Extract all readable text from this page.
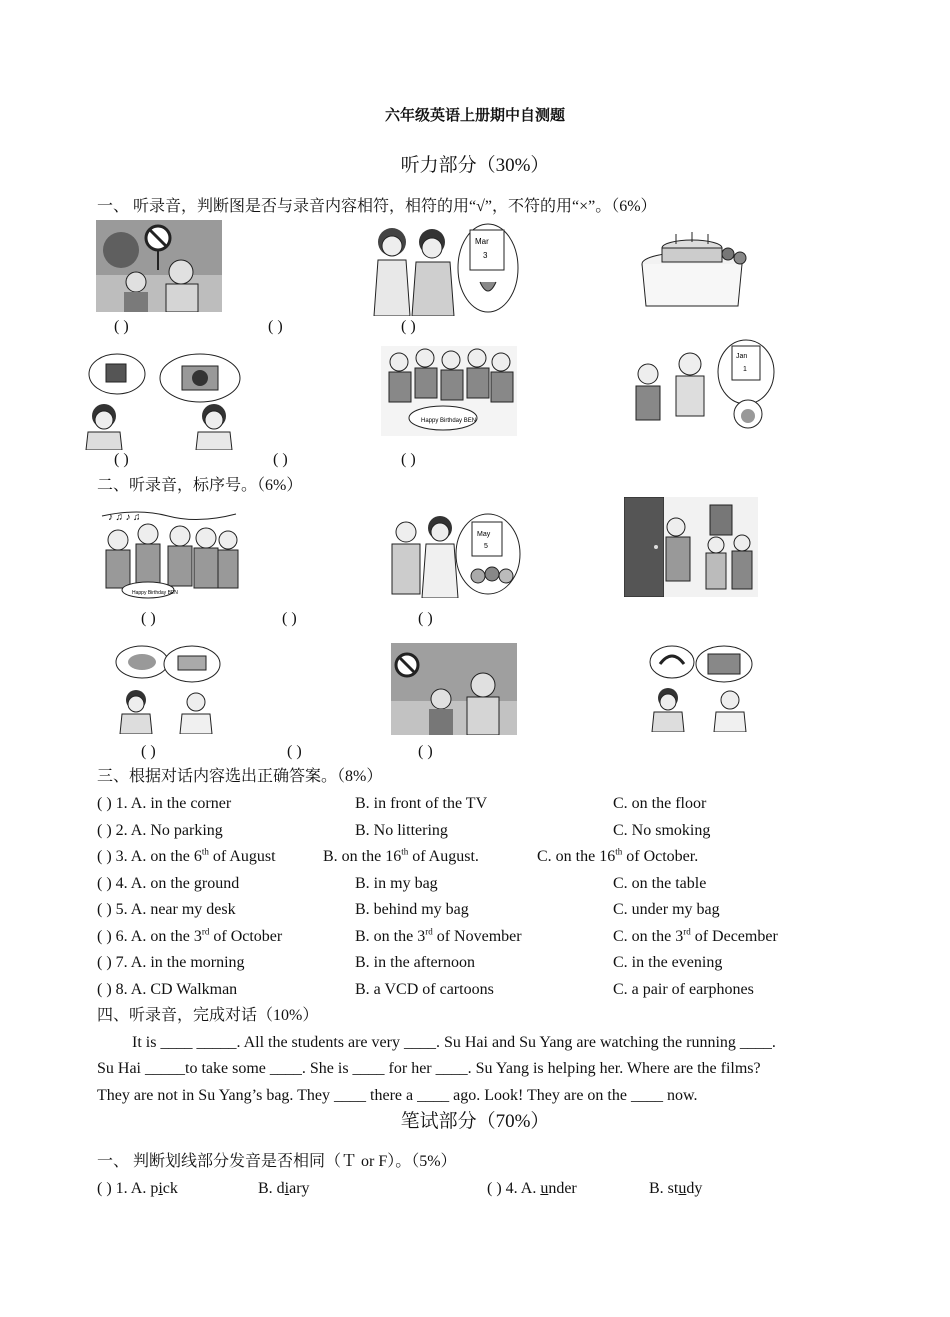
六年级英语上册期中自测题
听力部分（30%）
一、 听录音，判断图是否与录音内容相符，相符的用“√”，不符的用“×”。（6%）
Mar
3
( )	( )	( )
Happy Birthday BEN
Jan
1
( )	( )	( )
二、听录音，标序号。（6%）
♪ ♫ ♪ ♫
Happy Birthday BEN
May
5
( )	( )	( )
( )	( )	( )
三、根据对话内容选出正确答案。（8%）
( ) 1. A. in the corner	B. in front of the TV	C. on the floor
( ) 2. A. No parking	B. No littering	C. No smoking
( ) 3. A. on the 6th of August	B. on the 16th of August.	C. on the 16th of October.
( ) 4. A. on the ground	B. in my bag	C. on the table
( ) 5. A. near my desk	B. behind my bag	C. under my bag
( ) 6. A. on the 3rd of October	B. on the 3rd of November	C. on the 3rd of December
( ) 7. A. in the morning	B. in the afternoon	C. in the evening
( ) 8. A. CD Walkman	B. a VCD of cartoons	C. a pair of earphones
四、听录音，完成对话（10%）
It is ____ _____. All the students are very ____. Su Hai and Su Yang are watching the running ____.
Su Hai _____to take some ____. She is ____ for her ____. Su Yang is helping her. Where are the films?
They are not in Su Yang’s bag. They ____ there a ____ ago. Look! They are on the ____ now.
笔试部分（70%）
一、 判断划线部分发音是否相同（Ｔ or F）。（5%）
( ) 1. A. pick	B. diary	( ) 4. A. under	B. study
